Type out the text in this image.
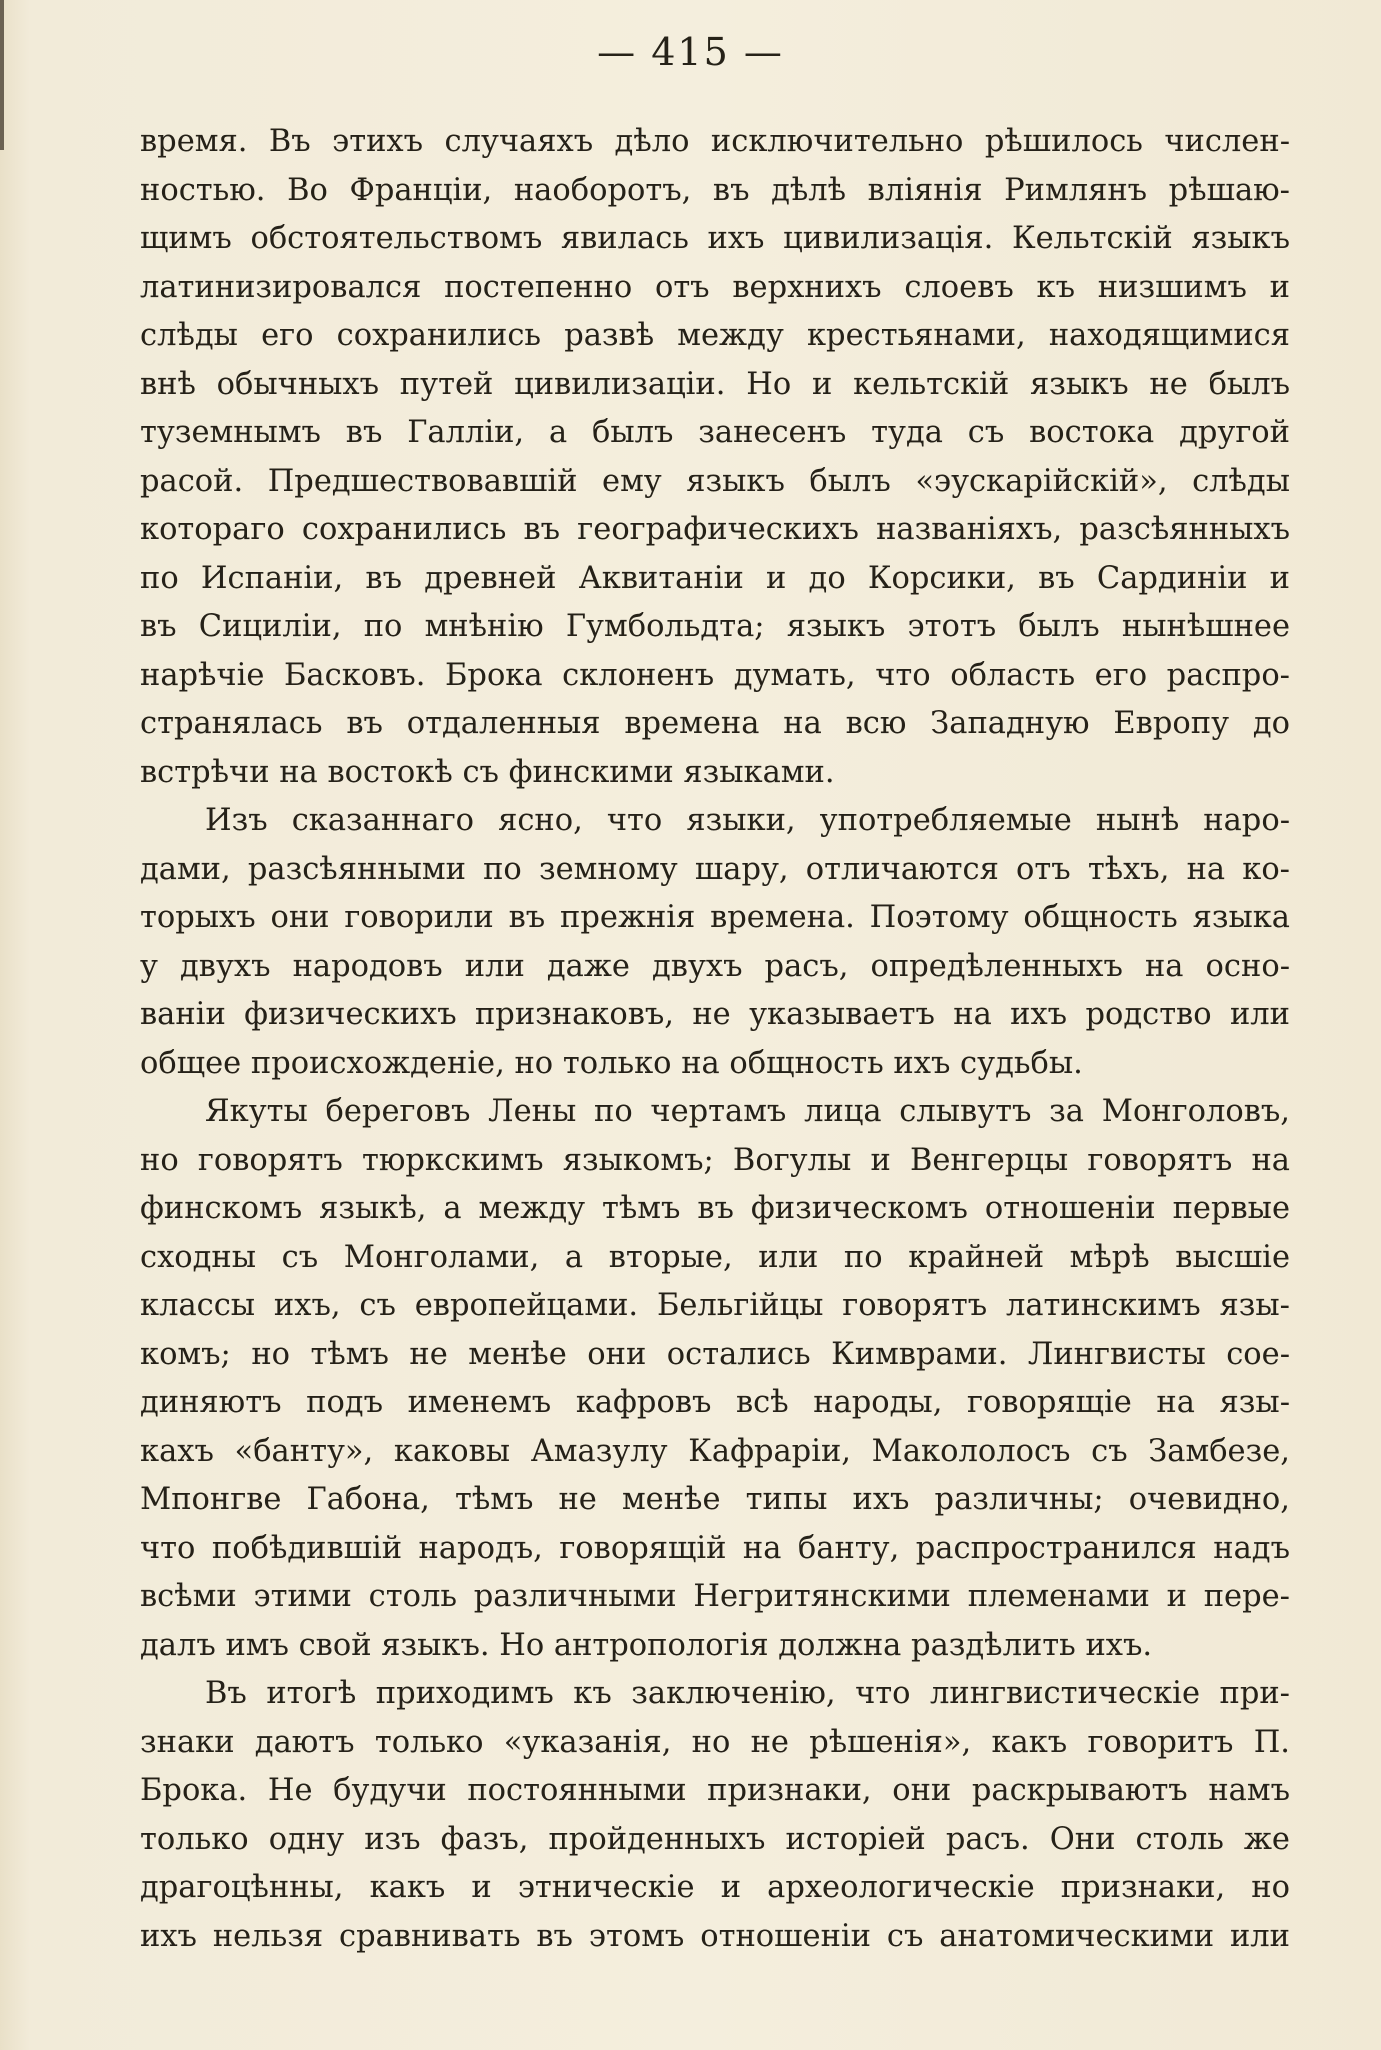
— 415 —
время. Въ этихъ случаяхъ дѣло исключительно рѣшилось числен-
ностью. Во Франціи, наоборотъ, въ дѣлѣ вліянія Римлянъ рѣшаю-
щимъ обстоятельствомъ явилась ихъ цивилизація. Кельтскій языкъ
латинизировался постепенно отъ верхнихъ слоевъ къ низшимъ и
слѣды его сохранились развѣ между крестьянами, находящимися
внѣ обычныхъ путей цивилизаціи. Но и кельтскій языкъ не былъ
туземнымъ въ Галліи, а былъ занесенъ туда съ востока другой
расой. Предшествовавшій ему языкъ былъ «эускарійскій», слѣды
котораго сохранились въ географическихъ названіяхъ, разсѣянныхъ
по Испаніи, въ древней Аквитаніи и до Корсики, въ Сардиніи и
въ Сициліи, по мнѣнію Гумбольдта; языкъ этотъ былъ нынѣшнее
нарѣчіе Басковъ. Брока склоненъ думать, что область его распро-
странялась въ отдаленныя времена на всю Западную Европу до
встрѣчи на востокѣ съ финскими языками.
Изъ сказаннаго ясно, что языки, употребляемые нынѣ наро-
дами, разсѣянными по земному шару, отличаются отъ тѣхъ, на ко-
торыхъ они говорили въ прежнія времена. Поэтому общность языка
у двухъ народовъ или даже двухъ расъ, опредѣленныхъ на осно-
ваніи физическихъ признаковъ, не указываетъ на ихъ родство или
общее происхожденіе, но только на общность ихъ судьбы.
Якуты береговъ Лены по чертамъ лица слывутъ за Монголовъ,
но говорятъ тюркскимъ языкомъ; Вогулы и Венгерцы говорятъ на
финскомъ языкѣ, а между тѣмъ въ физическомъ отношеніи первые
сходны съ Монголами, а вторые, или по крайней мѣрѣ высшіе
классы ихъ, съ европейцами. Бельгійцы говорятъ латинскимъ язы-
комъ; но тѣмъ не менѣе они остались Кимврами. Лингвисты сое-
диняютъ подъ именемъ кафровъ всѣ народы, говорящіе на язы-
кахъ «банту», каковы Амазулу Кафраріи, Макололосъ съ Замбезе,
Мпонгве Габона, тѣмъ не менѣе типы ихъ различны; очевидно,
что побѣдившій народъ, говорящій на банту, распространился надъ
всѣми этими столь различными Негритянскими племенами и пере-
далъ имъ свой языкъ. Но антропологія должна раздѣлить ихъ.
Въ итогѣ приходимъ къ заключенію, что лингвистическіе при-
знаки даютъ только «указанія, но не рѣшенія», какъ говоритъ П.
Брока. Не будучи постоянными признаки, они раскрываютъ намъ
только одну изъ фазъ, пройденныхъ исторіей расъ. Они столь же
драгоцѣнны, какъ и этническіе и археологическіе признаки, но
ихъ нельзя сравнивать въ этомъ отношеніи съ анатомическими или
